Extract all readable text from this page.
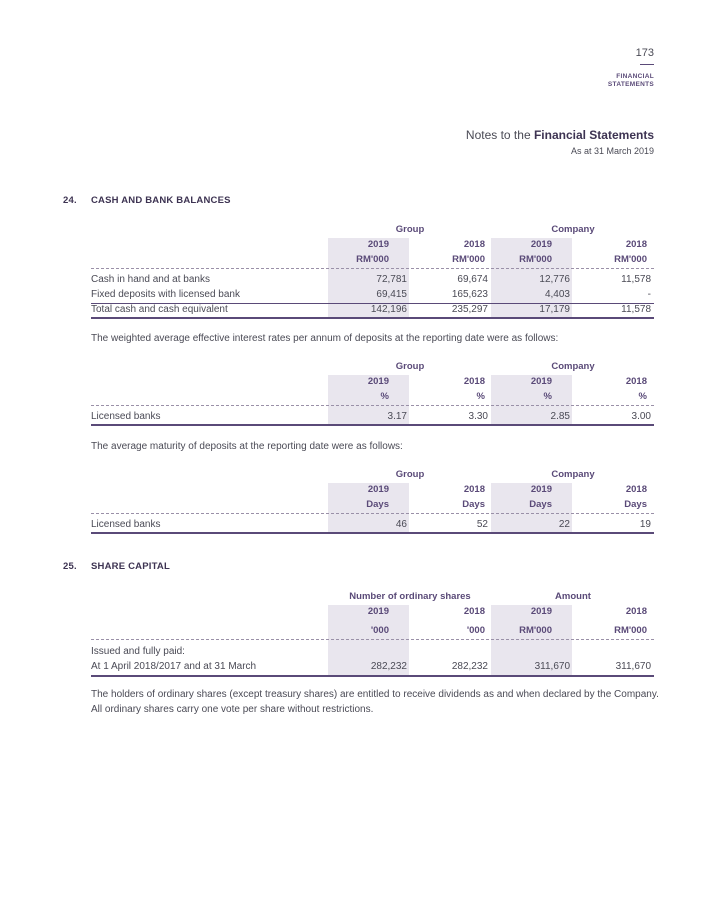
173
FINANCIAL
STATEMENTS
Notes to the Financial Statements
As at 31 March 2019
24. CASH AND BANK BALANCES
Group	Company
2019	2018	2019	2018
RM'000	RM'000	RM'000	RM'000
Cash in hand and at banks	72,781	69,674	12,776	11,578
Fixed deposits with licensed bank	69,415	165,623	4,403	-
Total cash and cash equivalent	142,196	235,297	17,179	11,578
The weighted average effective interest rates per annum of deposits at the reporting date were as follows:
Group	Company
2019	2018	2019	2018
%	%	%	%
Licensed banks	3.17	3.30	2.85	3.00
The average maturity of deposits at the reporting date were as follows:
Group	Company
2019	2018	2019	2018
Days	Days	Days	Days
Licensed banks	46	52	22	19
25. SHARE CAPITAL
Number of ordinary shares	Amount
2019	2018	2019	2018
'000	'000	RM'000	RM'000
Issued and fully paid:
At 1 April 2018/2017 and at 31 March	282,232	282,232	311,670	311,670
The holders of ordinary shares (except treasury shares) are entitled to receive dividends as and when declared by the Company. All ordinary shares carry one vote per share without restrictions.
